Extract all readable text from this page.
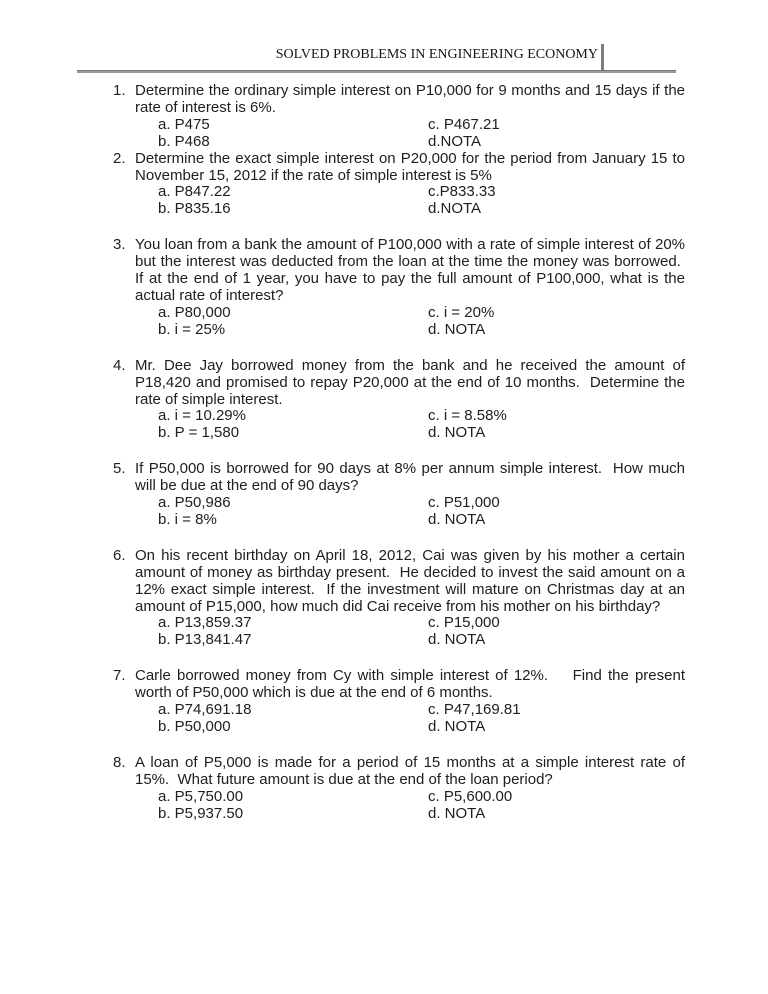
SOLVED PROBLEMS IN ENGINEERING ECONOMY
1. Determine the ordinary simple interest on P10,000 for 9 months and 15 days if the rate of interest is 6%.

a. P475	c. P467.21
b. P468	d.NOTA
2. Determine the exact simple interest on P20,000 for the period from January 15 to November 15, 2012 if the rate of simple interest is 5%

a. P847.22	c.P833.33
b. P835.16	d.NOTA
3. You loan from a bank the amount of P100,000 with a rate of simple interest of 20% but the interest was deducted from the loan at the time the money was borrowed.  If at the end of 1 year, you have to pay the full amount of P100,000, what is the actual rate of interest?

a. P80,000	c. i = 20%
b. i = 25%	d. NOTA
4. Mr. Dee Jay borrowed money from the bank and he received the amount of P18,420 and promised to repay P20,000 at the end of 10 months.  Determine the rate of simple interest.

a. i = 10.29%	c. i = 8.58%
b. P = 1,580	d. NOTA
5. If P50,000 is borrowed for 90 days at 8% per annum simple interest.  How much will be due at the end of 90 days?

a. P50,986	c. P51,000
b. i = 8%	d. NOTA
6. On his recent birthday on April 18, 2012, Cai was given by his mother a certain amount of money as birthday present.  He decided to invest the said amount on a 12% exact simple interest.  If the investment will mature on Christmas day at an amount of P15,000, how much did Cai receive from his mother on his birthday?

a. P13,859.37	c. P15,000
b. P13,841.47	d. NOTA
7. Carle borrowed money from Cy with simple interest of 12%.    Find the present worth of P50,000 which is due at the end of 6 months.

a. P74,691.18	c. P47,169.81
b. P50,000	d. NOTA
8. A loan of P5,000 is made for a period of 15 months at a simple interest rate of 15%.  What future amount is due at the end of the loan period?

a. P5,750.00	c. P5,600.00
b. P5,937.50	d. NOTA
